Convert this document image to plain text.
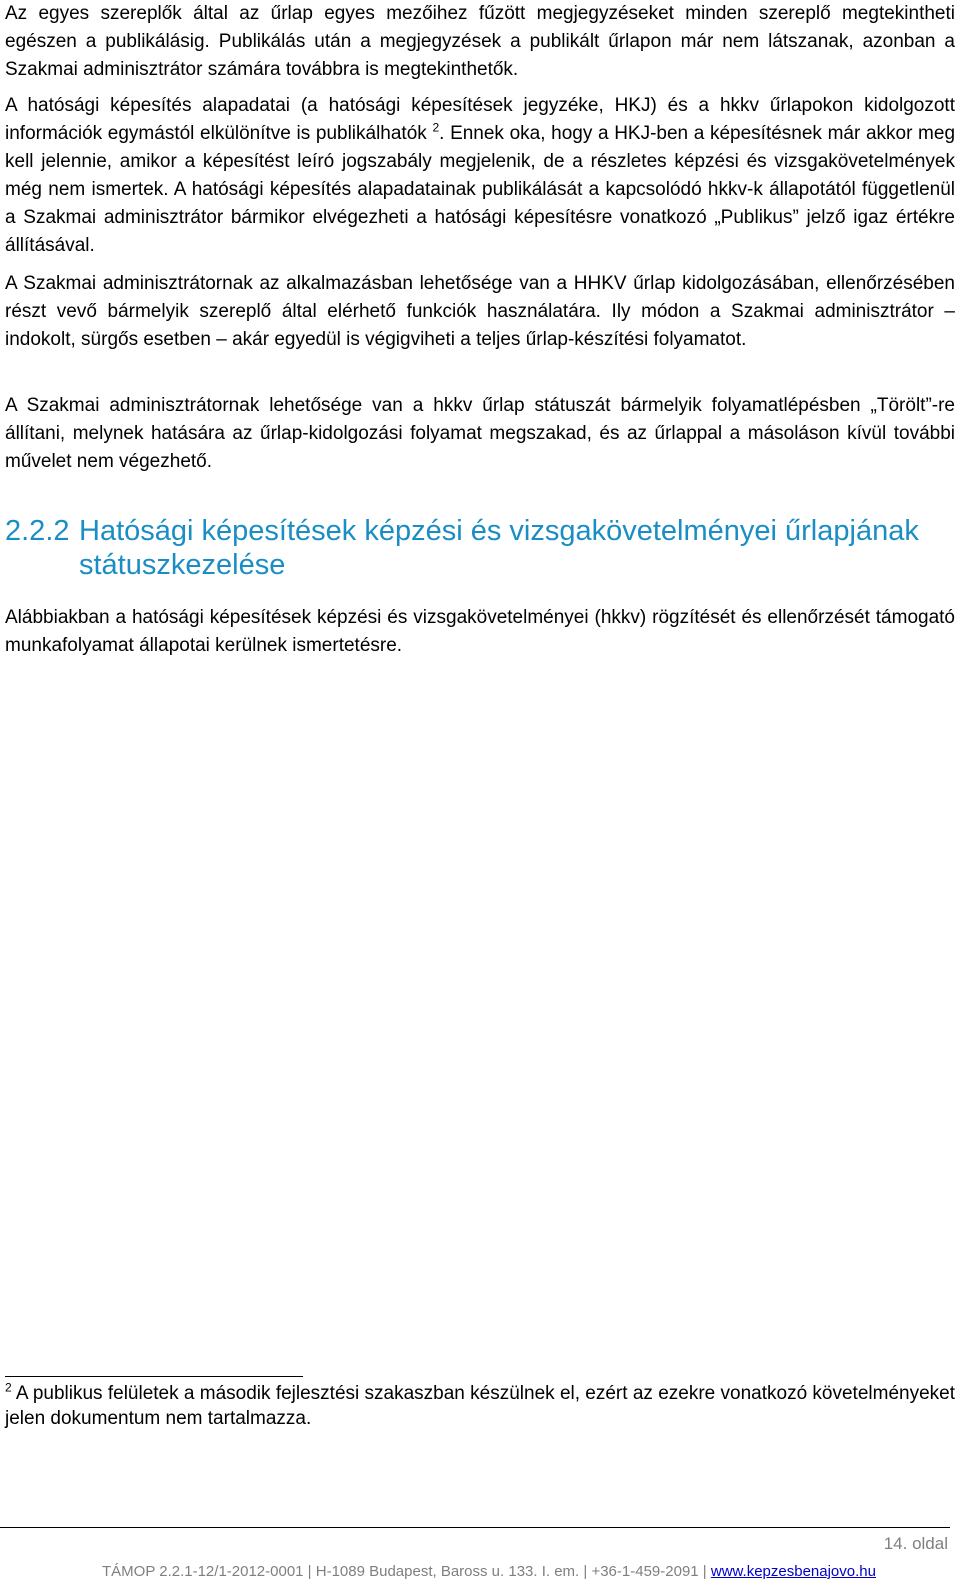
Az egyes szereplők által az űrlap egyes mezőihez fűzött megjegyzéseket minden szereplő megtekintheti egészen a publikálásig. Publikálás után a megjegyzések a publikált űrlapon már nem látszanak, azonban a Szakmai adminisztrátor számára továbbra is megtekinthetők.

A hatósági képesítés alapadatai (a hatósági képesítések jegyzéke, HKJ) és a hkkv űrlapokon kidolgozott információk egymástól elkülönítve is publikálhatók $^2$. Ennek oka, hogy a HKJ-ben a képesítésnek már akkor meg kell jelennie, amikor a képesítést leíró jogszabály megjelenik, de a részletes képzési és vizsgakövetelmények még nem ismertek. A hatósági képesítés alapadatainak publikálását a kapcsolódó hkkv-k állapotától függetlenül a Szakmai adminisztrátor bármikor elvégezheti a hatósági képesítésre vonatkozó „Publikus” jelző igaz értékre állításával.

A Szakmai adminisztrátornak az alkalmazásban lehetősége van a HHKV űrlap kidolgozásában, ellenőrzésében részt vevő bármelyik szereplő által elérhető funkciók használatára. Ily módon a Szakmai adminisztrátor – indokolt, sürgős esetben – akár egyedül is végigviheti a teljes űrlap-készítési folyamatot.

A Szakmai adminisztrátornak lehetősége van a hkkv űrlap státuszát bármelyik folyamatlépésben „Törölt”-re állítani, melynek hatására az űrlap-kidolgozási folyamat megszakad, és az űrlappal a másoláson kívül további művelet nem végezhető.

2.2.2 Hatósági képesítések képzési és vizsgakövetelményei űrlapjának
státuszkezelése

Alábbiakban a hatósági képesítések képzési és vizsgakövetelményei (hkkv) rögzítését és ellenőrzését támogató munkafolyamat állapotai kerülnek ismertetésre.

$^2$ A publikus felületek a második fejlesztési szakaszban készülnek el, ezért az ezekre vonatkozó követelményeket jelen dokumentum nem tartalmazza.

14. oldal
TÁMOP 2.2.1-12/1-2012-0001 | H-1089 Budapest, Baross u. 133. I. em. | +36-1-459-2091 | www.kepzesbenajovo.hu
